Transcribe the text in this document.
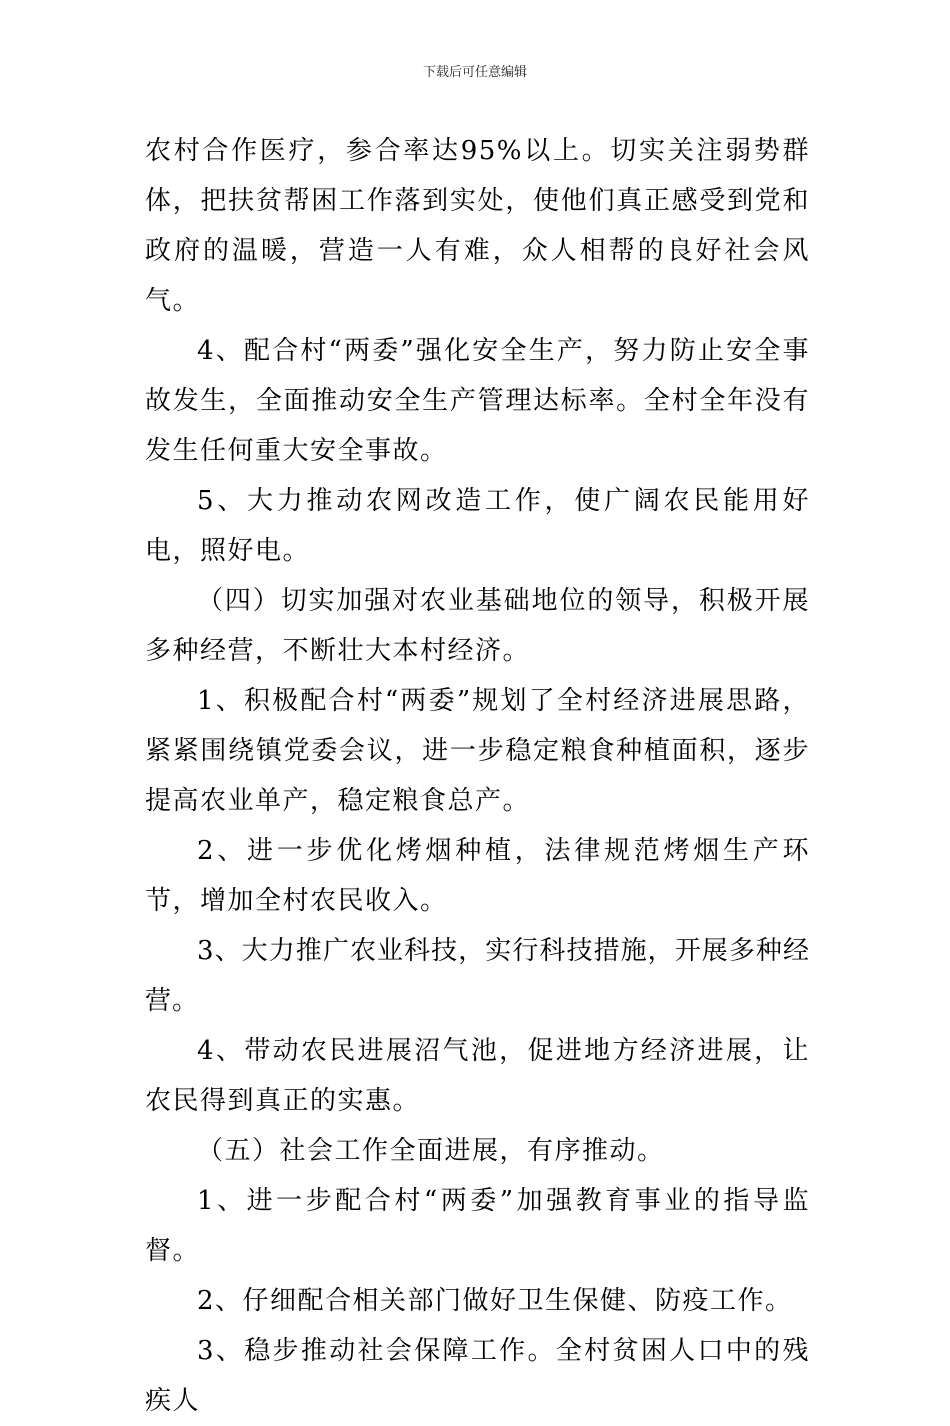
下载后可任意编辑

农村合作医疗，参合率达95%以上。切实关注弱势群体，把扶贫帮困工作落到实处，使他们真正感受到党和政府的温暖，营造一人有难，众人相帮的良好社会风气。

4、配合村“两委”强化安全生产，努力防止安全事故发生，全面推动安全生产管理达标率。全村全年没有发生任何重大安全事故。

5、大力推动农网改造工作，使广阔农民能用好电，照好电。

（四）切实加强对农业基础地位的领导，积极开展多种经营，不断壮大本村经济。

1、积极配合村“两委”规划了全村经济进展思路，紧紧围绕镇党委会议，进一步稳定粮食种植面积，逐步提高农业单产，稳定粮食总产。

2、进一步优化烤烟种植，法律规范烤烟生产环节，增加全村农民收入。

3、大力推广农业科技，实行科技措施，开展多种经营。

4、带动农民进展沼气池，促进地方经济进展，让农民得到真正的实惠。

（五）社会工作全面进展，有序推动。

1、进一步配合村“两委”加强教育事业的指导监督。

2、仔细配合相关部门做好卫生保健、防疫工作。

3、稳步推动社会保障工作。全村贫困人口中的残疾人
